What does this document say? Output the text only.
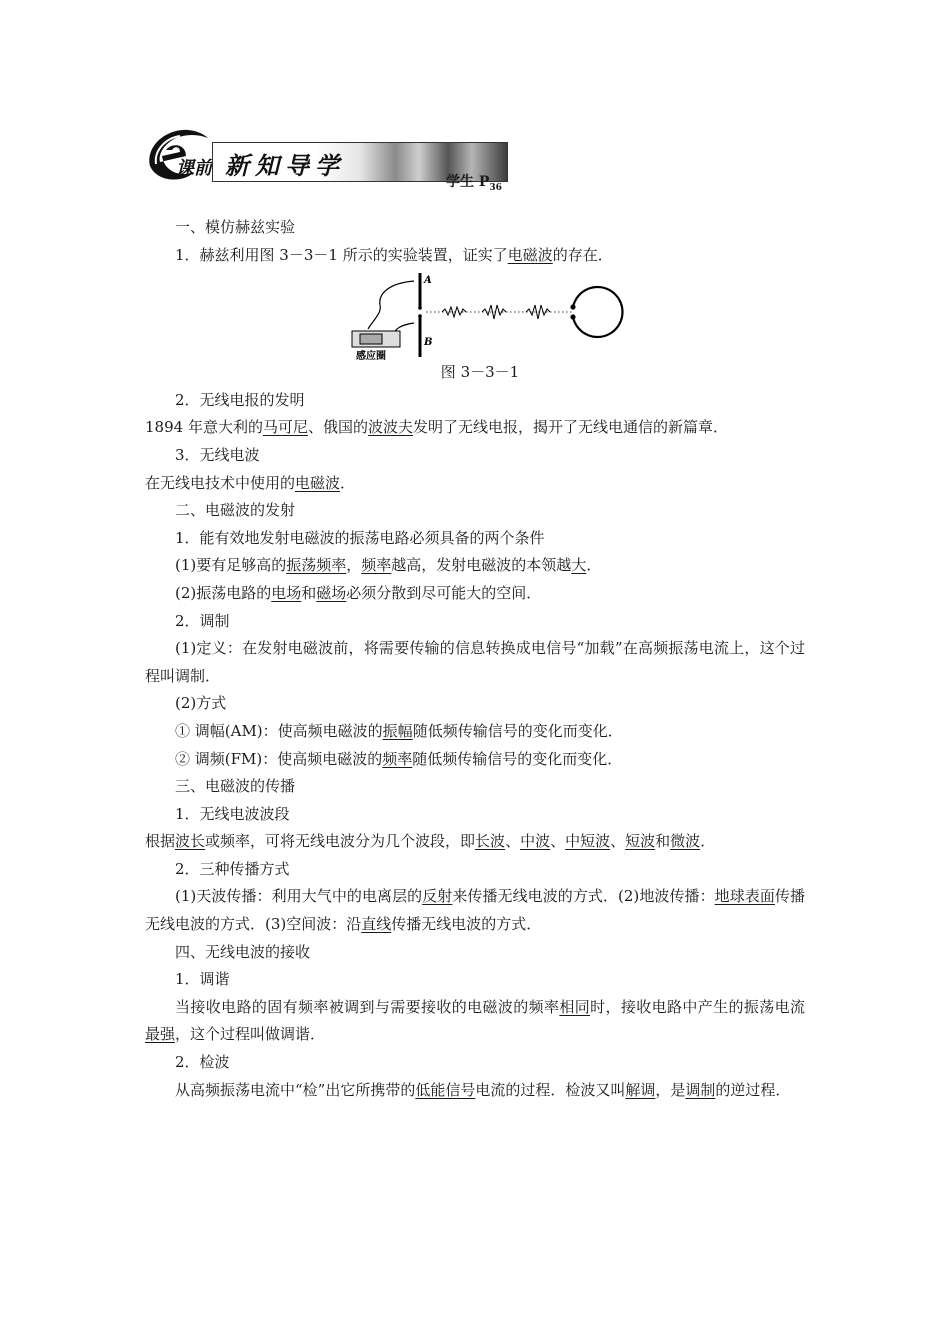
课前 新知导学
学生 $P_{36}$

一、模仿赫兹实验

1．赫兹利用图 3－3－1 所示的实验装置，证实了电磁波的存在．

A
B
感应圈

图 3－3－1

2．无线电报的发明

1894 年意大利的马可尼、俄国的波波夫发明了无线电报，揭开了无线电通信的新篇章．

3．无线电波

在无线电技术中使用的电磁波．

二、电磁波的发射

1．能有效地发射电磁波的振荡电路必须具备的两个条件

(1)要有足够高的振荡频率，频率越高，发射电磁波的本领越大．

(2)振荡电路的电场和磁场必须分散到尽可能大的空间．

2．调制

(1)定义：在发射电磁波前，将需要传输的信息转换成电信号“加载”在高频振荡电流上，这个过程叫调制．

(2)方式

① 调幅(AM)：使高频电磁波的振幅随低频传输信号的变化而变化．

② 调频(FM)：使高频电磁波的频率随低频传输信号的变化而变化．

三、电磁波的传播

1．无线电波波段

根据波长或频率，可将无线电波分为几个波段，即长波、中波、中短波、短波和微波．

2．三种传播方式

(1)天波传播：利用大气中的电离层的反射来传播无线电波的方式．(2)地波传播：地球表面传播无线电波的方式．(3)空间波：沿直线传播无线电波的方式．

四、无线电波的接收

1．调谐

当接收电路的固有频率被调到与需要接收的电磁波的频率相同时，接收电路中产生的振荡电流最强，这个过程叫做调谐．

2．检波

从高频振荡电流中“检”出它所携带的低能信号电流的过程．检波又叫解调，是调制的逆过程．
